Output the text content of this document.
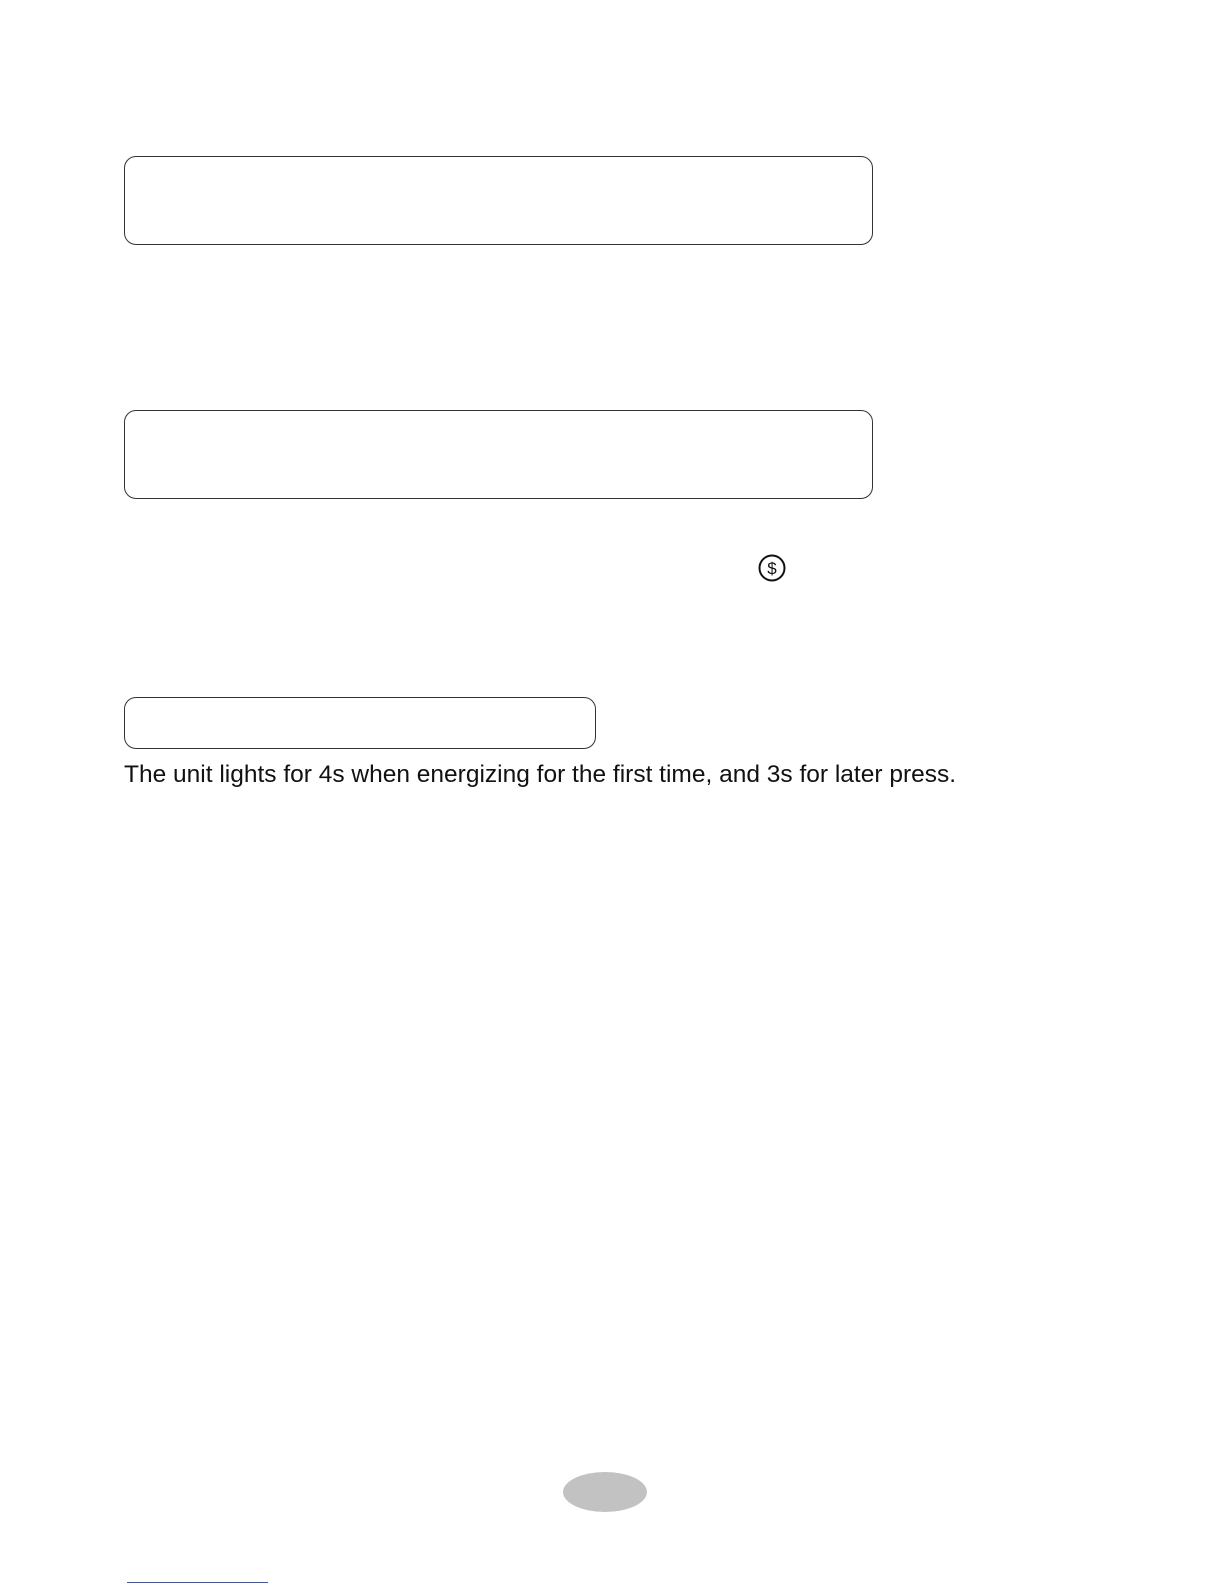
$
The unit lights for 4s when energizing for the first time, and 3s for later press.
